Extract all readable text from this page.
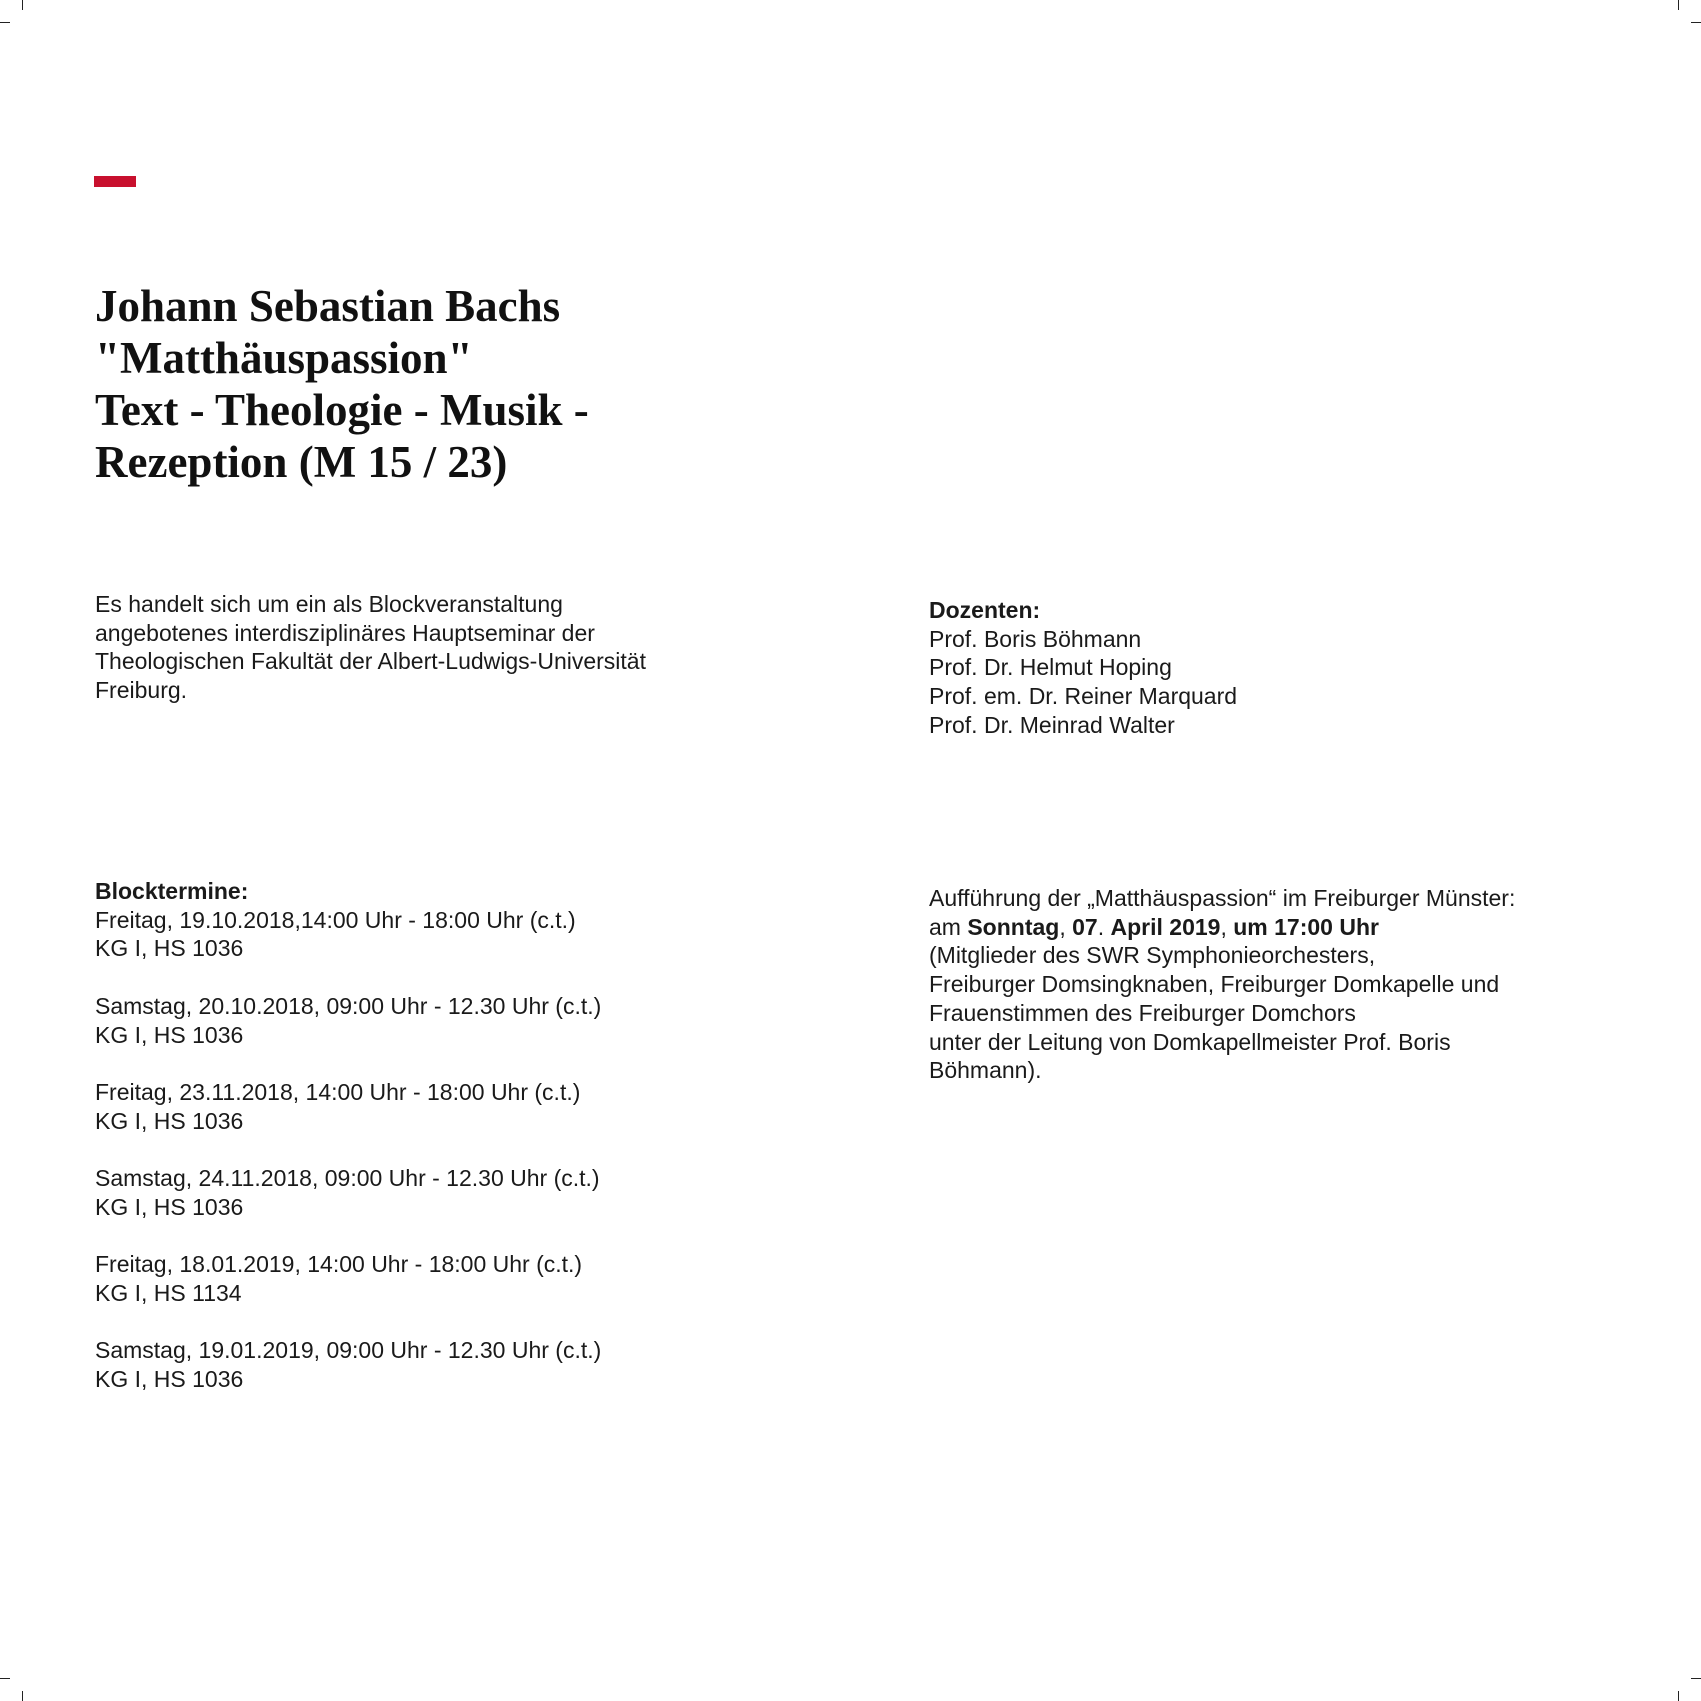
Johann Sebastian Bachs
"Matthäuspassion"
Text - Theologie - Musik -
Rezeption (M 15 / 23)
Es handelt sich um ein als Blockveranstaltung
angebotenes interdisziplinäres Hauptseminar der
Theologischen Fakultät der Albert-Ludwigs-Universität
Freiburg.
Dozenten:
Prof. Boris Böhmann
Prof. Dr. Helmut Hoping
Prof. em. Dr. Reiner Marquard
Prof. Dr. Meinrad Walter
Blocktermine:
Freitag, 19.10.2018,14:00 Uhr - 18:00 Uhr (c.t.)
KG I, HS 1036
Samstag, 20.10.2018, 09:00 Uhr - 12.30 Uhr (c.t.)
KG I, HS 1036
Freitag, 23.11.2018, 14:00 Uhr - 18:00 Uhr (c.t.)
KG I, HS 1036
Samstag, 24.11.2018, 09:00 Uhr - 12.30 Uhr (c.t.)
KG I, HS 1036
Freitag, 18.01.2019, 14:00 Uhr - 18:00 Uhr (c.t.)
KG I, HS 1134
Samstag, 19.01.2019, 09:00 Uhr - 12.30 Uhr (c.t.)
KG I, HS 1036
Aufführung der „Matthäuspassion“ im Freiburger Münster:
am Sonntag, 07. April 2019, um 17:00 Uhr
(Mitglieder des SWR Symphonieorchesters,
Freiburger Domsingknaben, Freiburger Domkapelle und
Frauenstimmen des Freiburger Domchors
unter der Leitung von Domkapellmeister Prof. Boris
Böhmann).
